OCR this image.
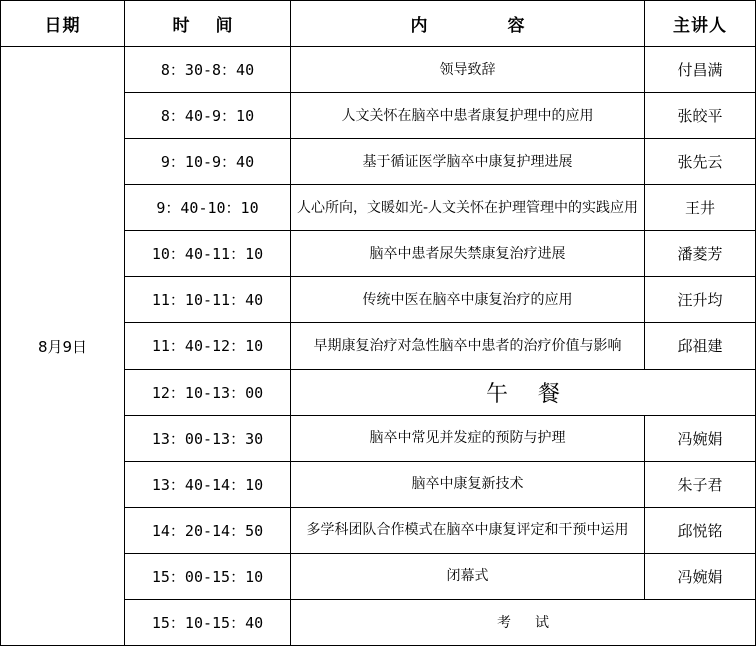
日期	时 间	内容	主讲人
8月9日	8：30-8：40	领导致辞	付昌满
	8：40-9：10	人文关怀在脑卒中患者康复护理中的应用	张皎平
	9：10-9：40	基于循证医学脑卒中康复护理进展	张先云
	9：40-10：10	人心所向，文暖如光-人文关怀在护理管理中的实践应用	王井
	10：40-11：10	脑卒中患者尿失禁康复治疗进展	潘菱芳
	11：10-11：40	传统中医在脑卒中康复治疗的应用	汪升均
	11：40-12：10	早期康复治疗对急性脑卒中患者的治疗价值与影响	邱祖建
	12：10-13：00	午餐	
	13：00-13：30	脑卒中常见并发症的预防与护理	冯婉娟
	13：40-14：10	脑卒中康复新技术	朱子君
	14：20-14：50	多学科团队合作模式在脑卒中康复评定和干预中运用	邱悦铭
	15：00-15：10	闭幕式	冯婉娟
	15：10-15：40	考试	
